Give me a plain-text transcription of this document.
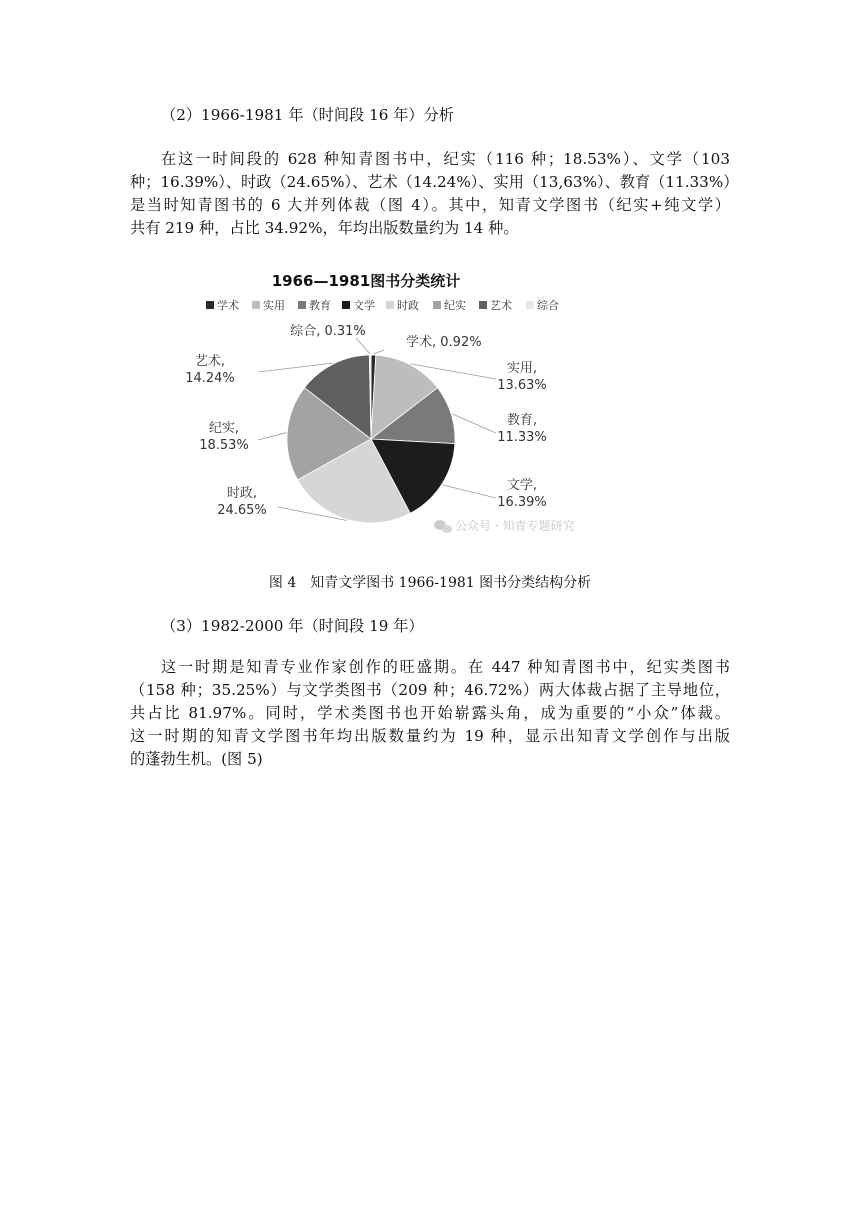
（2）1966-1981 年（时间段 16 年）分析
在这一时间段的 628 种知青图书中，纪实（116 种；18.53%）、文学（103
种；16.39%）、时政（24.65%）、艺术（14.24%）、实用（13,63%）、教育（11.33%）
是当时知青图书的 6 大并列体裁（图 4）。其中，知青文学图书（纪实+纯文学）
共有 219 种，占比 34.92%，年均出版数量约为 14 种。
1966—1981图书分类统计
学术 实用 教育 文学 时政 纪实 艺术 综合
学术, 0.92%
实用, 13.63%
教育, 11.33%
文学, 16.39%
时政, 24.65%
纪实, 18.53%
艺术, 14.24%
综合, 0.31%
公众号 · 知青专题研究
图 4　知青文学图书 1966-1981 图书分类结构分析
（3）1982-2000 年（时间段 19 年）
这一时期是知青专业作家创作的旺盛期。在 447 种知青图书中，纪实类图书
（158 种；35.25%）与文学类图书（209 种；46.72%）两大体裁占据了主导地位，
共占比 81.97%。同时，学术类图书也开始崭露头角，成为重要的“小众”体裁。
这一时期的知青文学图书年均出版数量约为 19 种，显示出知青文学创作与出版
的蓬勃生机。(图 5)
